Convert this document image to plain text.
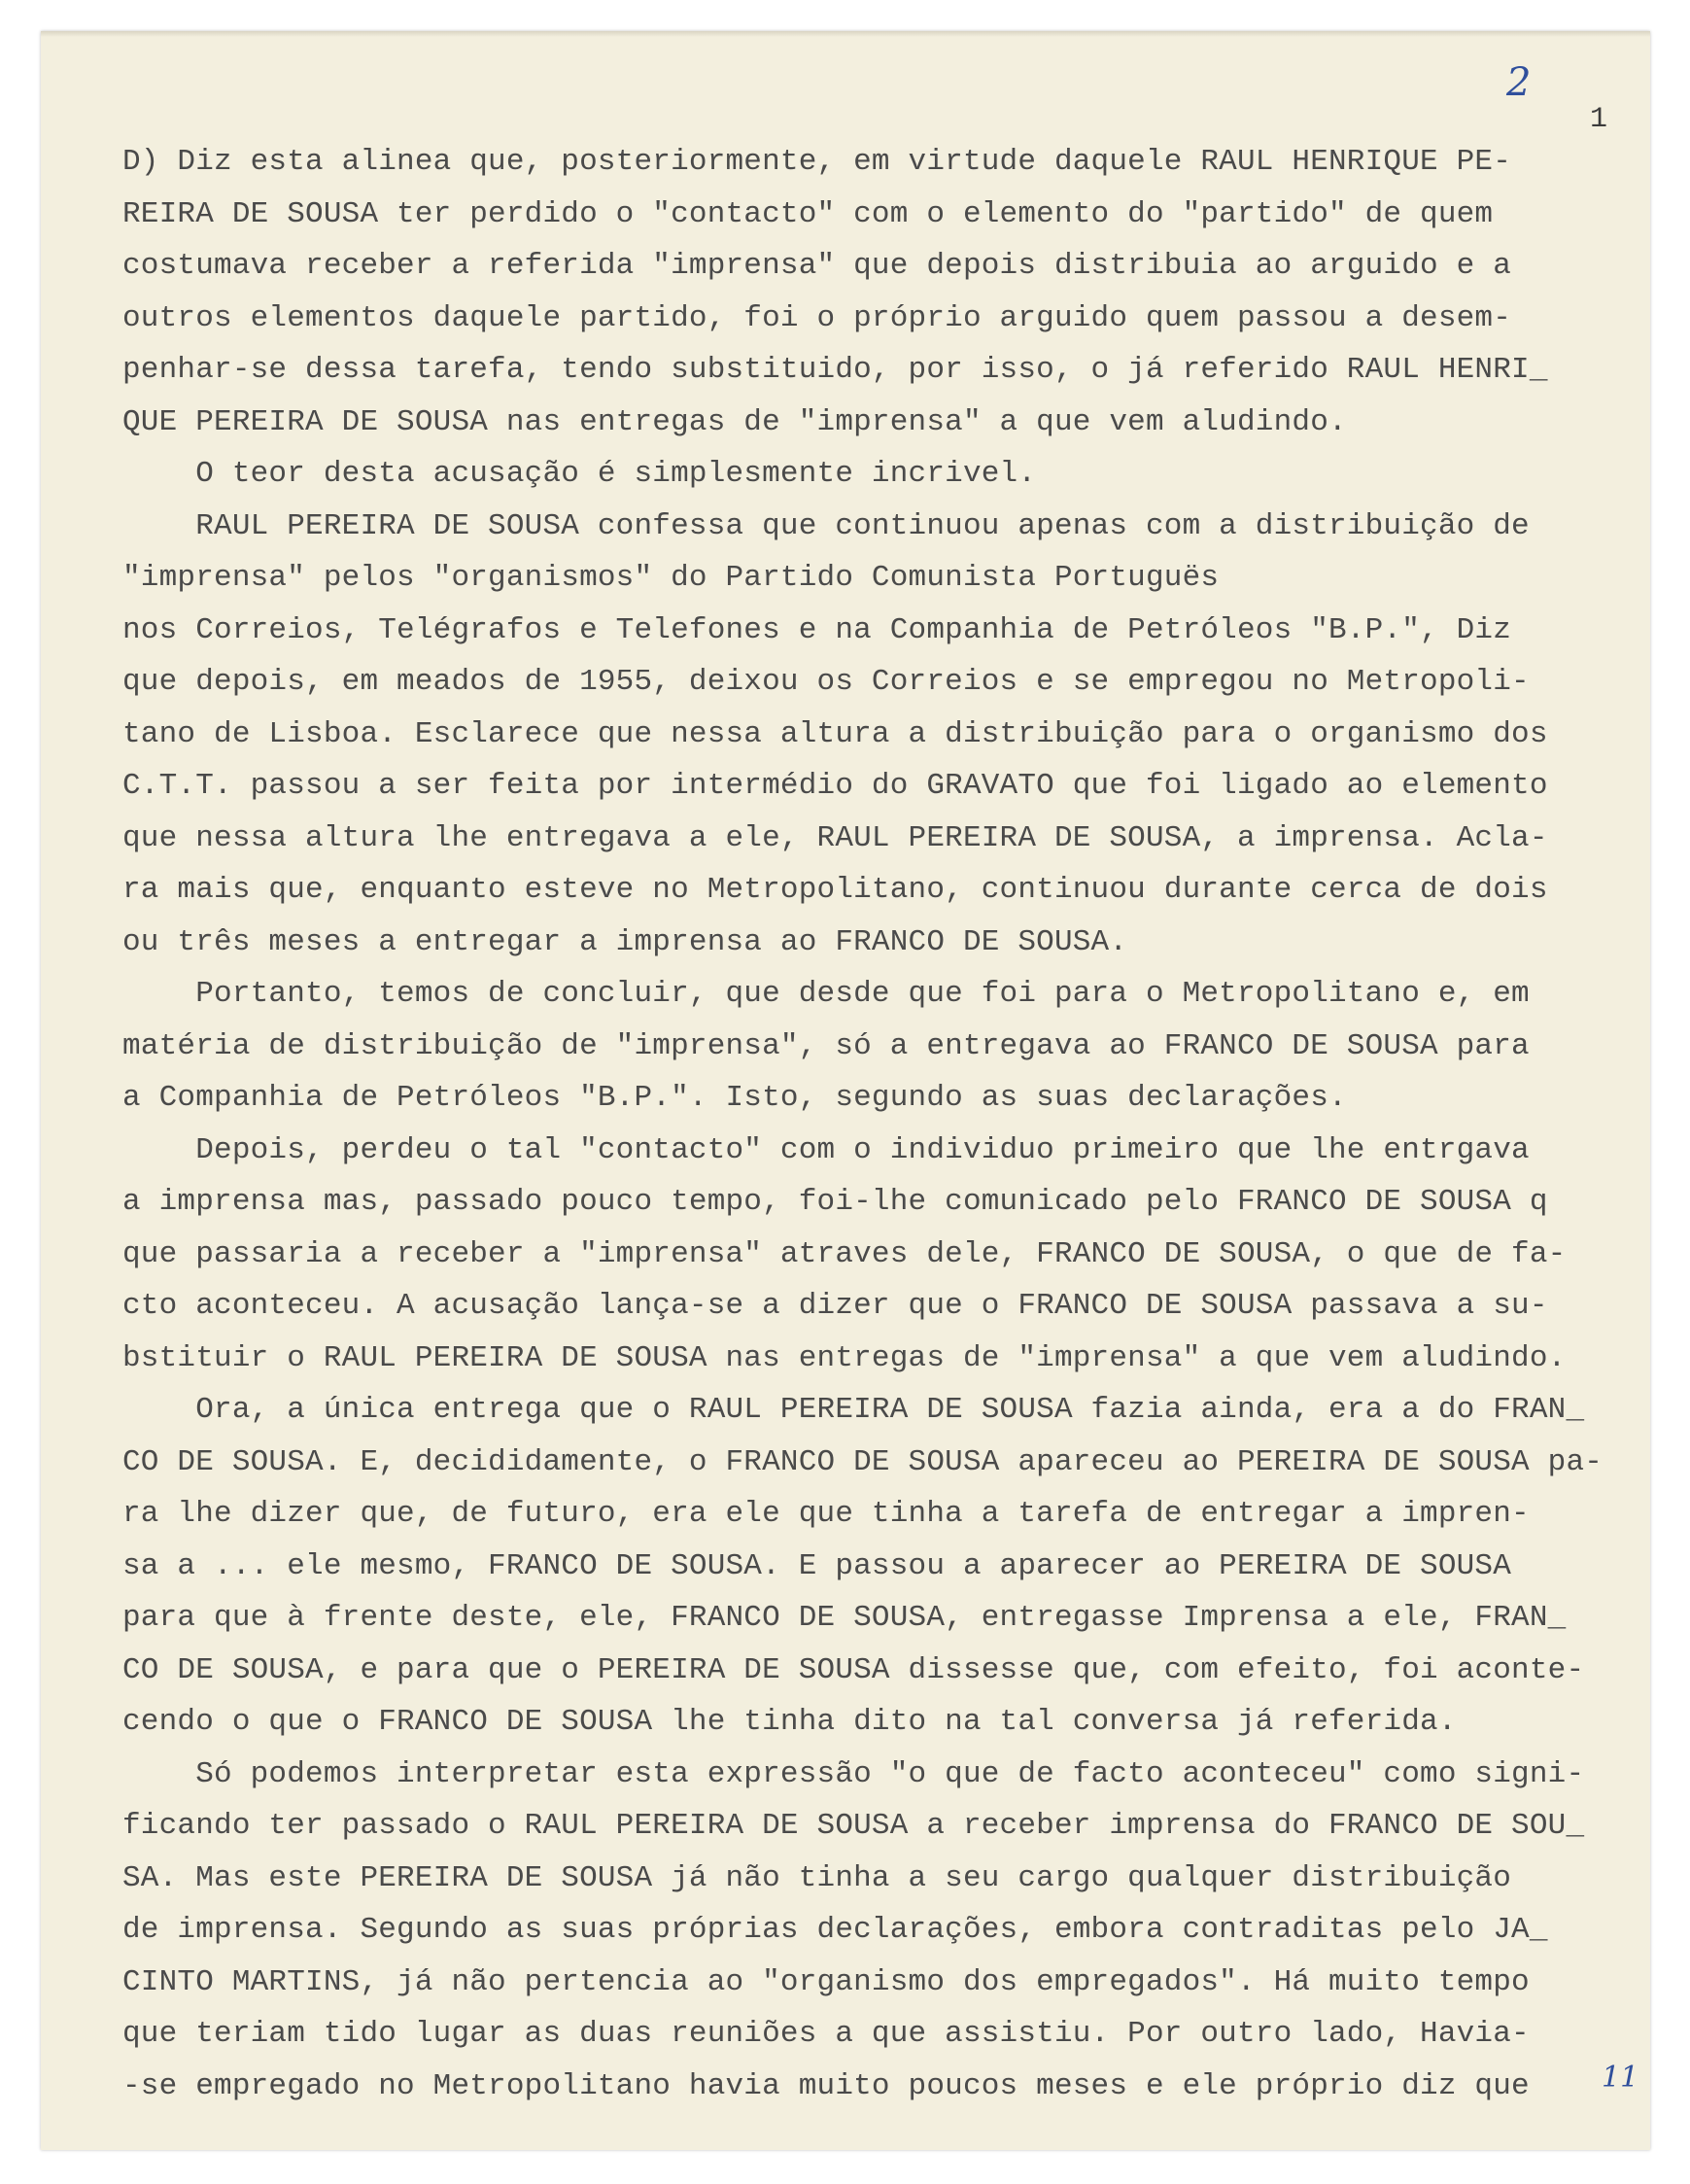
2
1
D) Diz esta alinea que, posteriormente, em virtude daquele RAUL HENRIQUE PE-
REIRA DE SOUSA ter perdido o "contacto" com o elemento do "partido" de quem
costumava receber a referida "imprensa" que depois distribuia ao arguido e a
outros elementos daquele partido, foi o próprio arguido quem passou a desem-
penhar-se dessa tarefa, tendo substituido, por isso, o já referido RAUL HENRI_
QUE PEREIRA DE SOUSA nas entregas de "imprensa" a que vem aludindo.
O teor desta acusação é simplesmente incrivel.
RAUL PEREIRA DE SOUSA confessa que continuou apenas com a distribuição de
"imprensa" pelos "organismos" do Partido Comunista Portuguës
nos Correios, Telégrafos e Telefones e na Companhia de Petróleos "B.P.", Diz
que depois, em meados de 1955, deixou os Correios e se empregou no Metropoli-
tano de Lisboa. Esclarece que nessa altura a distribuição para o organismo dos
C.T.T. passou a ser feita por intermédio do GRAVATO que foi ligado ao elemento
que nessa altura lhe entregava a ele, RAUL PEREIRA DE SOUSA, a imprensa. Acla-
ra mais que, enquanto esteve no Metropolitano, continuou durante cerca de dois
ou três meses a entregar a imprensa ao FRANCO DE SOUSA.
Portanto, temos de concluir, que desde que foi para o Metropolitano e, em
matéria de distribuição de "imprensa", só a entregava ao FRANCO DE SOUSA para
a Companhia de Petróleos "B.P.". Isto, segundo as suas declarações.
Depois, perdeu o tal "contacto" com o individuo primeiro que lhe entrgava
a imprensa mas, passado pouco tempo, foi-lhe comunicado pelo FRANCO DE SOUSA q
que passaria a receber a "imprensa" atraves dele, FRANCO DE SOUSA, o que de fa-
cto aconteceu. A acusação lança-se a dizer que o FRANCO DE SOUSA passava a su-
bstituir o RAUL PEREIRA DE SOUSA nas entregas de "imprensa" a que vem aludindo.
Ora, a única entrega que o RAUL PEREIRA DE SOUSA fazia ainda, era a do FRAN_
CO DE SOUSA. E, decididamente, o FRANCO DE SOUSA apareceu ao PEREIRA DE SOUSA pa-
ra lhe dizer que, de futuro, era ele que tinha a tarefa de entregar a impren-
sa a ... ele mesmo, FRANCO DE SOUSA. E passou a aparecer ao PEREIRA DE SOUSA
para que à frente deste, ele, FRANCO DE SOUSA, entregasse Imprensa a ele, FRAN_
CO DE SOUSA, e para que o PEREIRA DE SOUSA dissesse que, com efeito, foi aconte-
cendo o que o FRANCO DE SOUSA lhe tinha dito na tal conversa já referida.
Só podemos interpretar esta expressão "o que de facto aconteceu" como signi-
ficando ter passado o RAUL PEREIRA DE SOUSA a receber imprensa do FRANCO DE SOU_
SA. Mas este PEREIRA DE SOUSA já não tinha a seu cargo qualquer distribuição
de imprensa. Segundo as suas próprias declarações, embora contraditas pelo JA_
CINTO MARTINS, já não pertencia ao "organismo dos empregados". Há muito tempo
que teriam tido lugar as duas reuniões a que assistiu. Por outro lado, Havia-
-se empregado no Metropolitano havia muito poucos meses e ele próprio diz que	11
